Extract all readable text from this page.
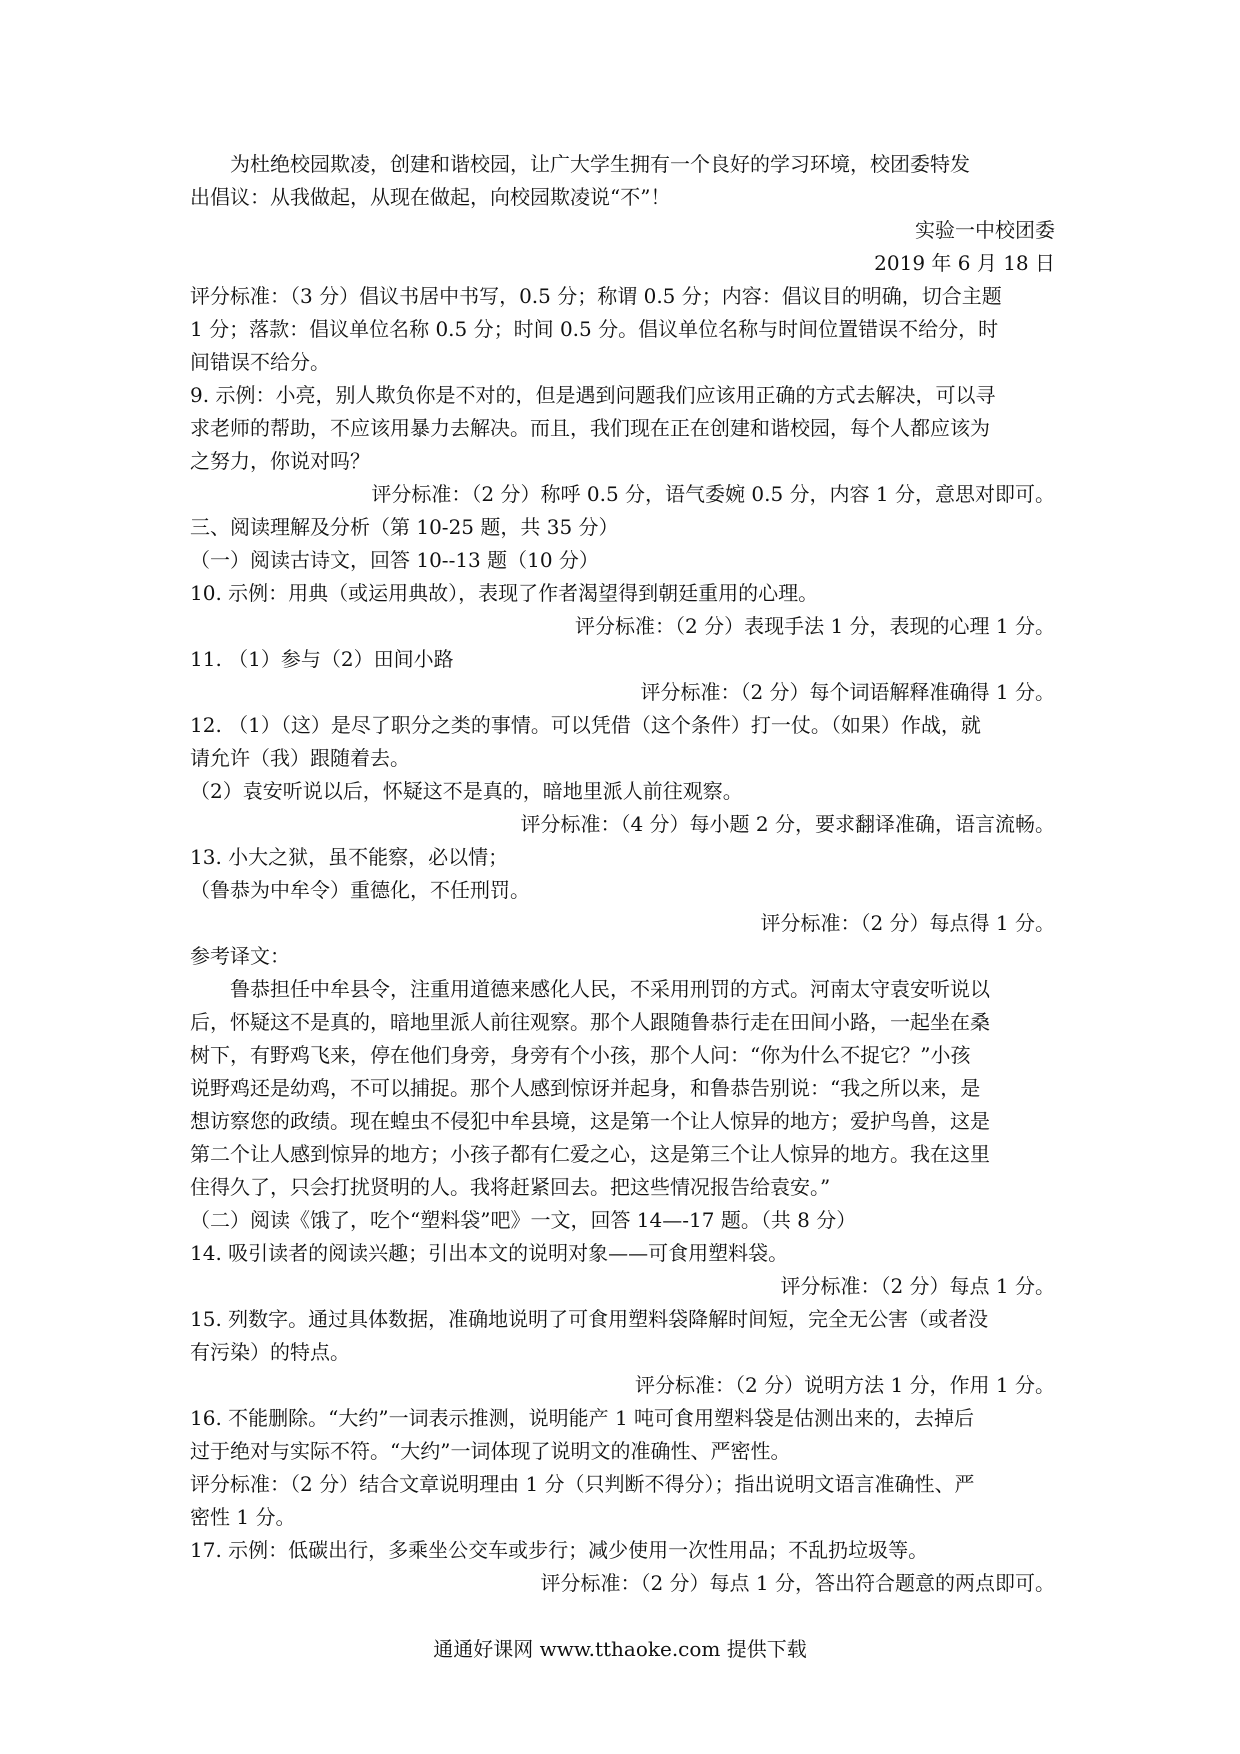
为杜绝校园欺凌，创建和谐校园，让广大学生拥有一个良好的学习环境，校团委特发
出倡议：从我做起，从现在做起，向校园欺凌说“不”！
实验一中校团委
2019 年 6 月 18 日
评分标准：（3 分）倡议书居中书写，0.5 分；称谓 0.5 分；内容：倡议目的明确，切合主题
1 分；落款：倡议单位名称 0.5 分；时间 0.5 分。倡议单位名称与时间位置错误不给分，时
间错误不给分。
9. 示例：小亮，别人欺负你是不对的，但是遇到问题我们应该用正确的方式去解决，可以寻
求老师的帮助，不应该用暴力去解决。而且，我们现在正在创建和谐校园，每个人都应该为
之努力，你说对吗？
评分标准：（2 分）称呼 0.5 分，语气委婉 0.5 分，内容 1 分，意思对即可。
三、阅读理解及分析（第 10-25 题，共 35 分）
（一）阅读古诗文，回答 10--13 题（10 分）
10. 示例：用典（或运用典故），表现了作者渴望得到朝廷重用的心理。
评分标准：（2 分）表现手法 1 分，表现的心理 1 分。
11. （1）参与（2）田间小路
评分标准：（2 分）每个词语解释准确得 1 分。
12. （1）（这）是尽了职分之类的事情。可以凭借（这个条件）打一仗。（如果）作战，就
请允许（我）跟随着去。
（2）袁安听说以后，怀疑这不是真的，暗地里派人前往观察。
评分标准：（4 分）每小题 2 分，要求翻译准确，语言流畅。
13. 小大之狱，虽不能察，必以情；
（鲁恭为中牟令）重德化，不任刑罚。
评分标准：（2 分）每点得 1 分。
参考译文：
鲁恭担任中牟县令，注重用道德来感化人民，不采用刑罚的方式。河南太守袁安听说以
后，怀疑这不是真的，暗地里派人前往观察。那个人跟随鲁恭行走在田间小路，一起坐在桑
树下，有野鸡飞来，停在他们身旁，身旁有个小孩，那个人问：“你为什么不捉它？”小孩
说野鸡还是幼鸡，不可以捕捉。那个人感到惊讶并起身，和鲁恭告别说：“我之所以来，是
想访察您的政绩。现在蝗虫不侵犯中牟县境，这是第一个让人惊异的地方；爱护鸟兽，这是
第二个让人感到惊异的地方；小孩子都有仁爱之心，这是第三个让人惊异的地方。我在这里
住得久了，只会打扰贤明的人。我将赶紧回去。把这些情况报告给袁安。”
（二）阅读《饿了，吃个“塑料袋”吧》一文，回答 14—-17 题。（共 8 分）
14. 吸引读者的阅读兴趣；引出本文的说明对象——可食用塑料袋。
评分标准：（2 分）每点 1 分。
15. 列数字。通过具体数据，准确地说明了可食用塑料袋降解时间短，完全无公害（或者没
有污染）的特点。
评分标准：（2 分）说明方法 1 分，作用 1 分。
16. 不能删除。“大约”一词表示推测，说明能产 1 吨可食用塑料袋是估测出来的，去掉后
过于绝对与实际不符。“大约”一词体现了说明文的准确性、严密性。
评分标准：（2 分）结合文章说明理由 1 分（只判断不得分）；指出说明文语言准确性、严
密性 1 分。
17. 示例：低碳出行，多乘坐公交车或步行；减少使用一次性用品；不乱扔垃圾等。
评分标准：（2 分）每点 1 分，答出符合题意的两点即可。
通通好课网 www.tthaoke.com 提供下载
